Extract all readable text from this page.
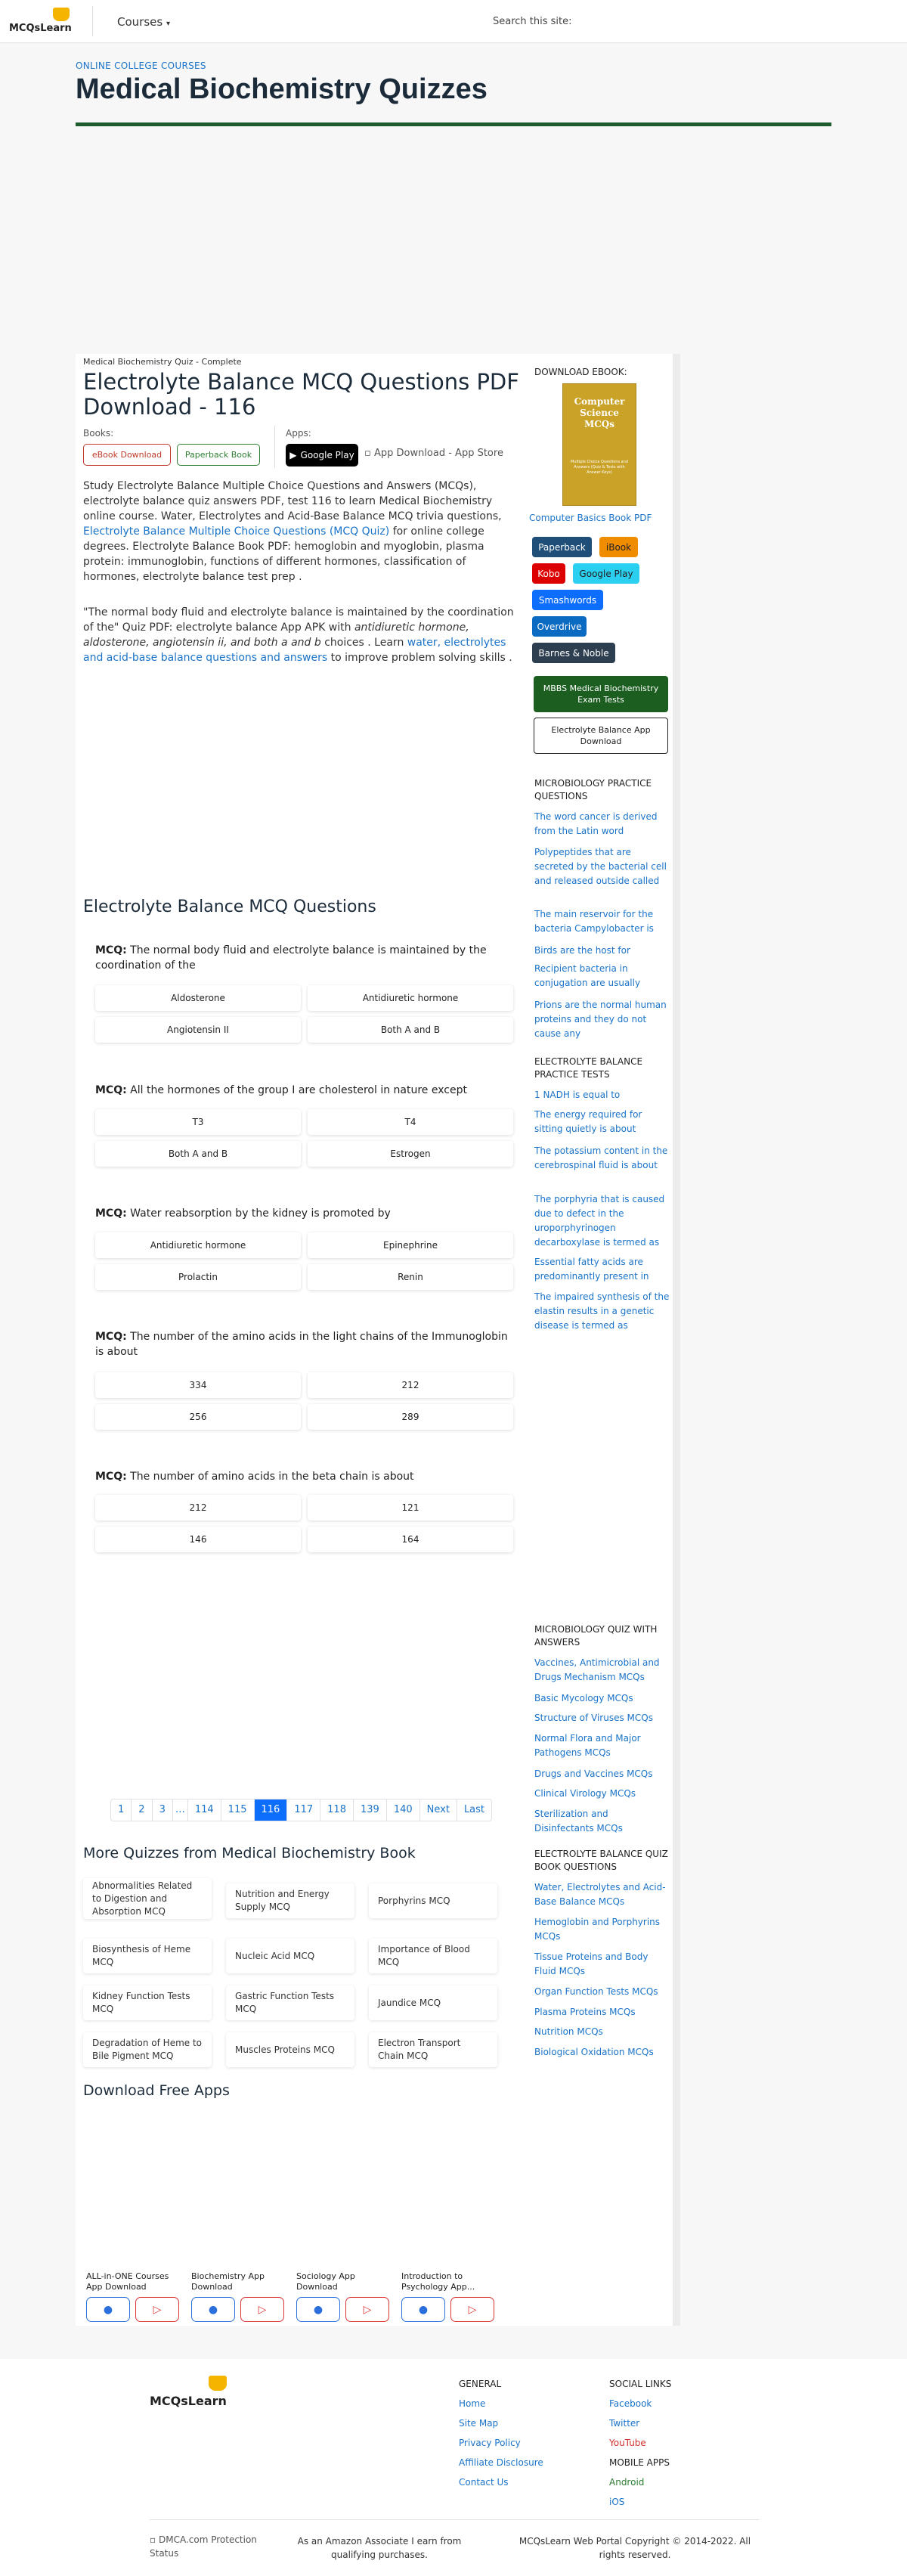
MCQsLearn	Courses ▾	Search this site:
ONLINE COLLEGE COURSES
Medical Biochemistry Quizzes
Medical Biochemistry Quiz - Complete
Electrolyte Balance MCQ Questions PDF Download - 116
Books:	Apps:
eBook Download	Paperback Book	▶ Google Play ▫ App Download - App Store
Study Electrolyte Balance Multiple Choice Questions and Answers (MCQs), electrolyte balance quiz answers PDF, test 116 to learn Medical Biochemistry online course. Water, Electrolytes and Acid-Base Balance MCQ trivia questions, Electrolyte Balance Multiple Choice Questions (MCQ Quiz) for online college degrees. Electrolyte Balance Book PDF: hemoglobin and myoglobin, plasma protein: immunoglobin, functions of different hormones, classification of hormones, electrolyte balance test prep .
"The normal body fluid and electrolyte balance is maintained by the coordination of the" Quiz PDF: electrolyte balance App APK with antidiuretic hormone, aldosterone, angiotensin ii, and both a and b choices . Learn water, electrolytes and acid-base balance questions and answers to improve problem solving skills .
Electrolyte Balance MCQ Questions
MCQ: The normal body fluid and electrolyte balance is maintained by the coordination of the
Aldosterone	Antidiuretic hormone
Angiotensin II	Both A and B
MCQ: All the hormones of the group I are cholesterol in nature except
T3	T4
Both A and B	Estrogen
MCQ: Water reabsorption by the kidney is promoted by
Antidiuretic hormone	Epinephrine
Prolactin	Renin
MCQ: The number of the amino acids in the light chains of the Immunoglobin is about
334	212
256	289
MCQ: The number of amino acids in the beta chain is about
212	121
146	164
DOWNLOAD EBOOK:
Computer Science MCQs
Multiple Choice Questions and Answers (Quiz & Tests with Answer Keys)
Computer Basics Book PDF
Paperback	iBook
Kobo	Google Play
Smashwords
Overdrive
Barnes & Noble
MBBS Medical Biochemistry Exam Tests
Electrolyte Balance App Download
MICROBIOLOGY PRACTICE QUESTIONS
The word cancer is derived from the Latin word
Polypeptides that are secreted by the bacterial cell and released outside called
The main reservoir for the bacteria Campylobacter is
Birds are the host for
Recipient bacteria in conjugation are usually
Prions are the normal human proteins and they do not cause any
ELECTROLYTE BALANCE PRACTICE TESTS
1 NADH is equal to
The energy required for sitting quietly is about
The potassium content in the cerebrospinal fluid is about
The porphyria that is caused due to defect in the uroporphyrinogen decarboxylase is termed as
Essential fatty acids are predominantly present in
The impaired synthesis of the elastin results in a genetic disease is termed as
MICROBIOLOGY QUIZ WITH ANSWERS
Vaccines, Antimicrobial and Drugs Mechanism MCQs
Basic Mycology MCQs
Structure of Viruses MCQs
Normal Flora and Major Pathogens MCQs
Drugs and Vaccines MCQs
Clinical Virology MCQs
Sterilization and Disinfectants MCQs
ELECTROLYTE BALANCE QUIZ BOOK QUESTIONS
Water, Electrolytes and Acid-Base Balance MCQs
Hemoglobin and Porphyrins MCQs
Tissue Proteins and Body Fluid MCQs
Organ Function Tests MCQs
Plasma Proteins MCQs
Nutrition MCQs
Biological Oxidation MCQs
1	2	3	…	114	115	116	117	118	139	140	Next	Last
More Quizzes from Medical Biochemistry Book
Abnormalities Related to Digestion and Absorption MCQ
Nutrition and Energy Supply MCQ
Porphyrins MCQ
Biosynthesis of Heme MCQ
Nucleic Acid MCQ
Importance of Blood MCQ
Kidney Function Tests MCQ
Gastric Function Tests MCQ
Jaundice MCQ
Degradation of Heme to Bile Pigment MCQ
Muscles Proteins MCQ
Electron Transport Chain MCQ
Download Free Apps
ALL-in-ONE Courses App Download
●	▷
Biochemistry App Download
●	▷
Sociology App Download
●	▷
Introduction to Psychology App...
●	▷
MCQsLearn
GENERAL
Home
Site Map
Privacy Policy
Affiliate Disclosure
Contact Us
SOCIAL LINKS
Facebook
Twitter
YouTube
MOBILE APPS
Android
iOS
▫ DMCA.com Protection Status
As an Amazon Associate I earn from qualifying purchases.
MCQsLearn Web Portal Copyright © 2014-2022. All rights reserved.
